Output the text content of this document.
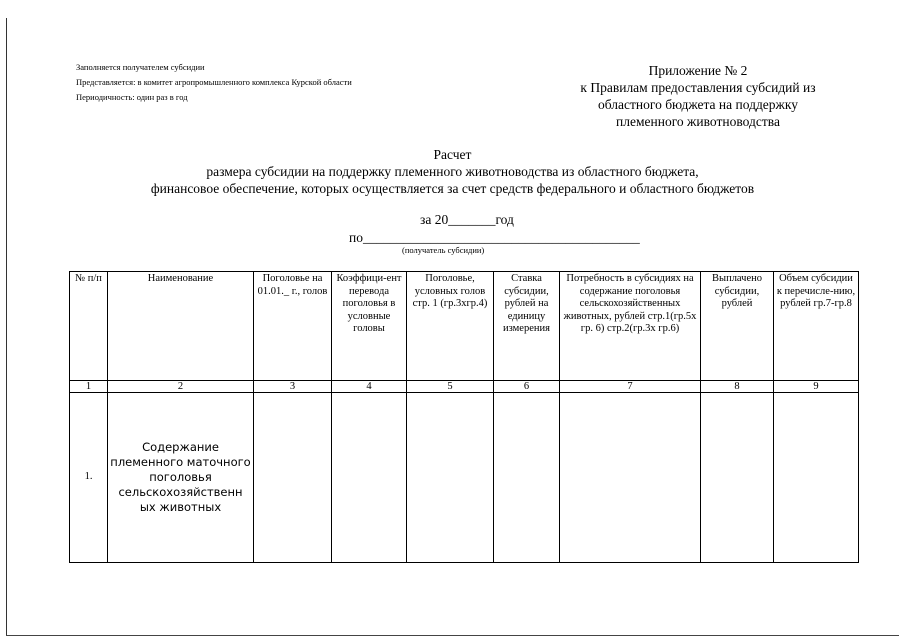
Заполняется получателем субсидии
Представляется: в комитет агропромышленного комплекса Курской области
Периодичность: один раз в год
Приложение № 2
к Правилам предоставления субсидий из
областного бюджета на поддержку
племенного животноводства
Расчет
размера субсидии на поддержку племенного животноводства из областного бюджета,
финансовое обеспечение, которых осуществляется за счет средств федерального и областного бюджетов
за 20_______год
по_________________________________________
(получатель субсидии)
№ п/п	Наименование	Поголовье на 01.01._ г., голов	Коэффици-ент перевода поголовья в условные головы	Поголовье, условных голов стр. 1 (гр.3хгр.4)	Ставка субсидии, рублей на единицу измерения	Потребность в субсидиях на содержание поголовья сельскохозяйственных животных, рублей стр.1(гр.5х гр. 6) стр.2(гр.3х гр.6)	Выплачено субсидии, рублей	Объем субсидии к перечисле-нию, рублей гр.7-гр.8
1	2	3	4	5	6	7	8	9
1.	Содержание племенного маточного поголовья сельскохозяйственн ых животных							
